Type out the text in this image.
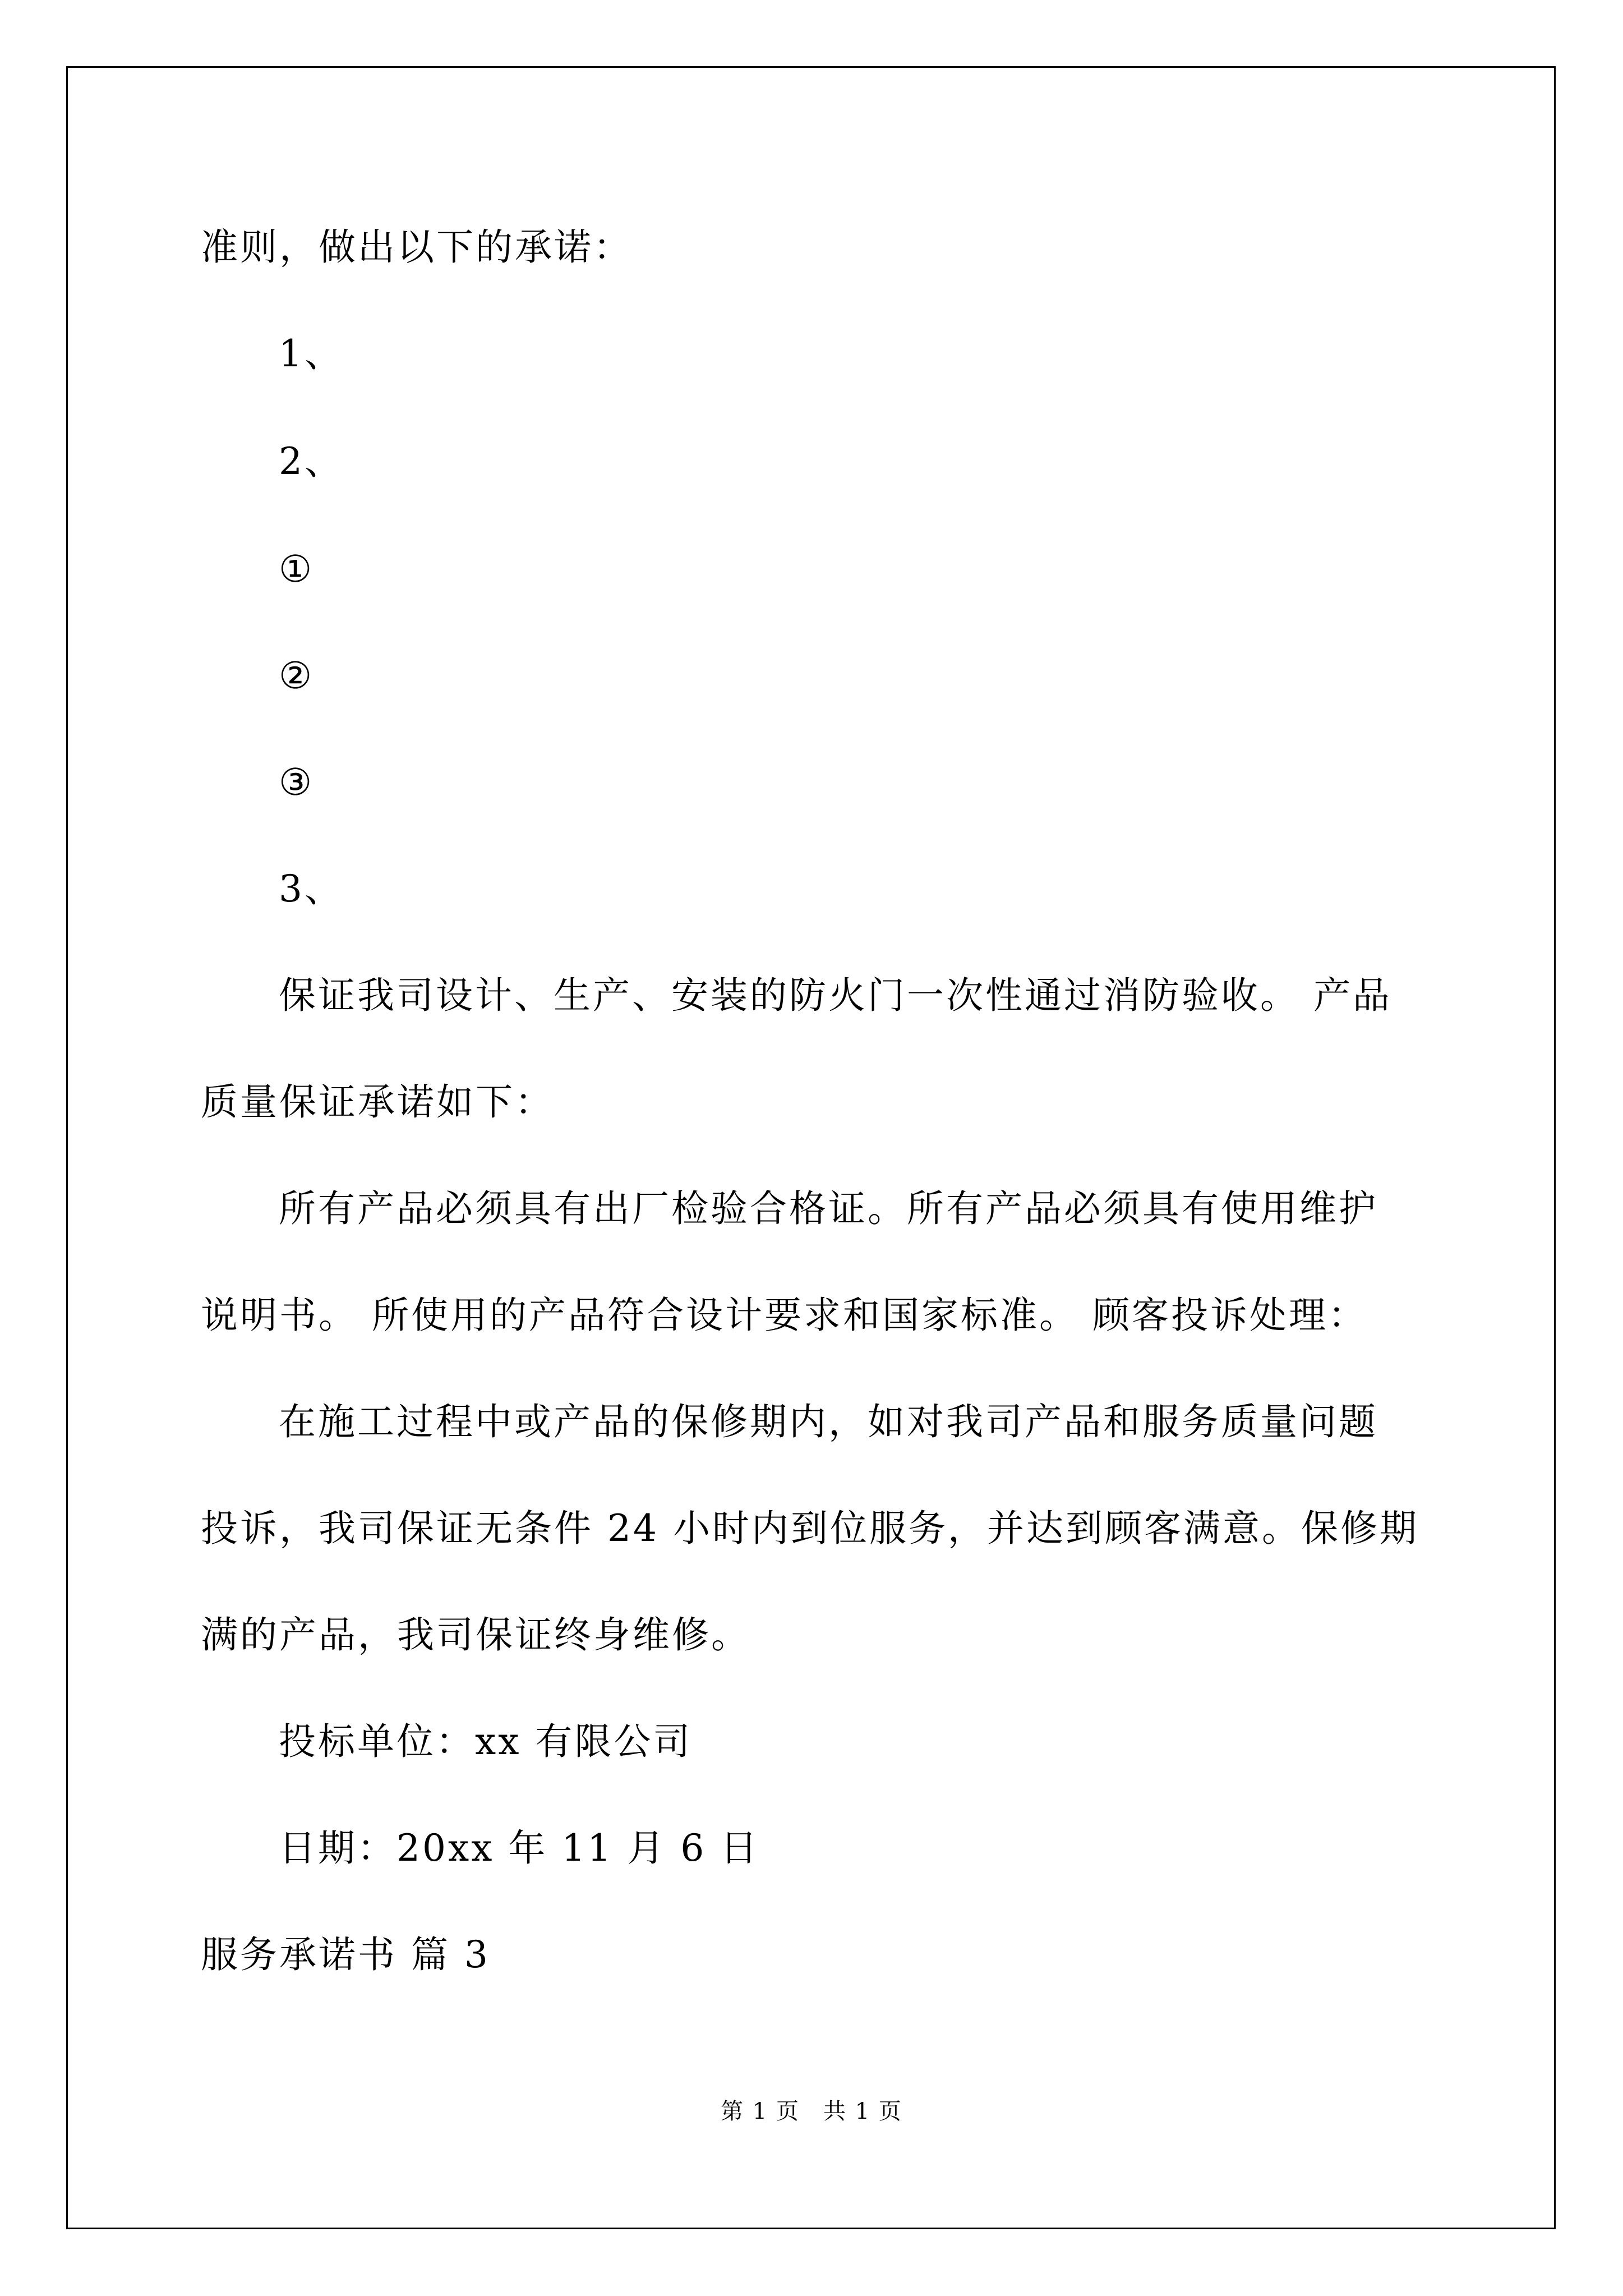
准则，做出以下的承诺：
1、
2、
①
②
③
3、
保证我司设计、生产、安装的防火门一次性通过消防验收。 产品
质量保证承诺如下：
所有产品必须具有出厂检验合格证。所有产品必须具有使用维护
说明书。 所使用的产品符合设计要求和国家标准。 顾客投诉处理：
在施工过程中或产品的保修期内，如对我司产品和服务质量问题
投诉，我司保证无条件 24 小时内到位服务，并达到顾客满意。保修期
满的产品，我司保证终身维修。
投标单位：xx 有限公司
日期：20xx 年 11 月 6 日
服务承诺书 篇 3
第 1 页　共 1 页
